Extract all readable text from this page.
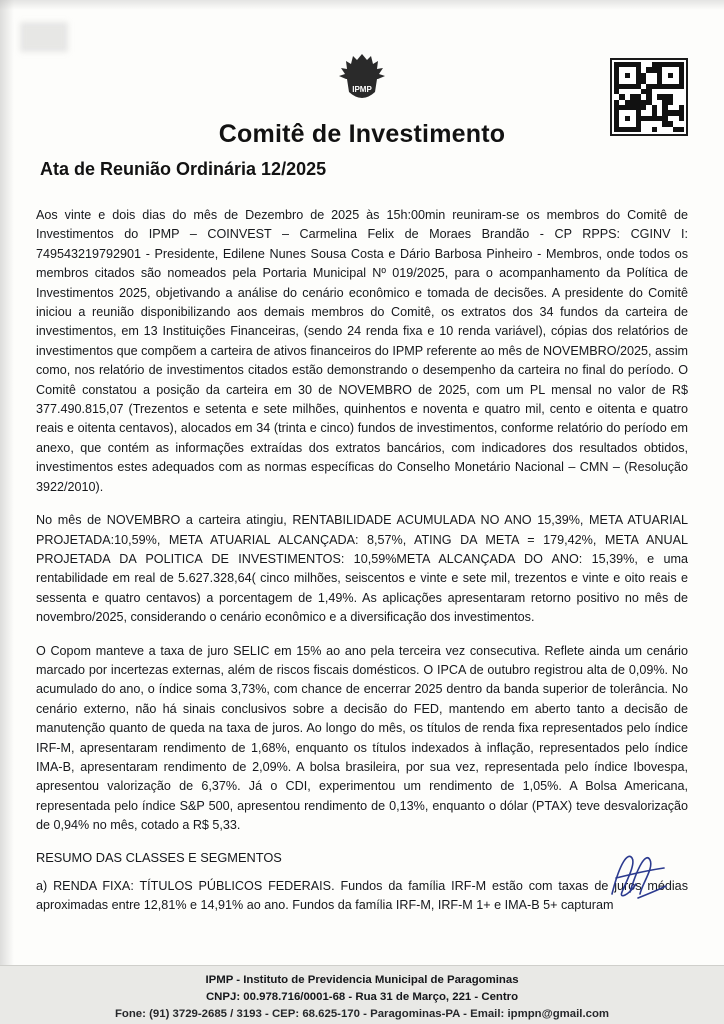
IPMP
Comitê de Investimento
Ata de Reunião Ordinária 12/2025

Aos vinte e dois dias do mês de Dezembro de 2025 às 15h:00min reuniram-se os membros do Comitê de Investimentos do IPMP – COINVEST – Carmelina Felix de Moraes Brandão - CP RPPS: CGINV I: 749543219792901 - Presidente, Edilene Nunes Sousa Costa e Dário Barbosa Pinheiro - Membros, onde todos os membros citados são nomeados pela Portaria Municipal Nº 019/2025, para o acompanhamento da Política de Investimentos 2025, objetivando a análise do cenário econômico e tomada de decisões. A presidente do Comitê iniciou a reunião disponibilizando aos demais membros do Comitê, os extratos dos 34 fundos da carteira de investimentos, em 13 Instituições Financeiras, (sendo 24 renda fixa e 10 renda variável), cópias dos relatórios de investimentos que compõem a carteira de ativos financeiros do IPMP referente ao mês de NOVEMBRO/2025, assim como, nos relatório de investimentos citados estão demonstrando o desempenho da carteira no final do período. O Comitê constatou a posição da carteira em 30 de NOVEMBRO de 2025, com um PL mensal no valor de R$ 377.490.815,07 (Trezentos e setenta e sete milhões, quinhentos e noventa e quatro mil, cento e oitenta e quatro reais e oitenta centavos), alocados em 34 (trinta e cinco) fundos de investimentos, conforme relatório do período em anexo, que contém as informações extraídas dos extratos bancários, com indicadores dos resultados obtidos, investimentos estes adequados com as normas específicas do Conselho Monetário Nacional – CMN – (Resolução 3922/2010).

No mês de NOVEMBRO a carteira atingiu, RENTABILIDADE ACUMULADA NO ANO 15,39%, META ATUARIAL PROJETADA:10,59%, META ATUARIAL ALCANÇADA: 8,57%, ATING DA META = 179,42%, META ANUAL PROJETADA DA POLITICA DE INVESTIMENTOS: 10,59%META ALCANÇADA DO ANO: 15,39%, e uma rentabilidade em real de 5.627.328,64( cinco milhões, seiscentos e vinte e sete mil, trezentos e vinte e oito reais e sessenta e quatro centavos) a porcentagem de 1,49%. As aplicações apresentaram retorno positivo no mês de novembro/2025, considerando o cenário econômico e a diversificação dos investimentos.

O Copom manteve a taxa de juro SELIC em 15% ao ano pela terceira vez consecutiva. Reflete ainda um cenário marcado por incertezas externas, além de riscos fiscais domésticos. O IPCA de outubro registrou alta de 0,09%. No acumulado do ano, o índice soma 3,73%, com chance de encerrar 2025 dentro da banda superior de tolerância. No cenário externo, não há sinais conclusivos sobre a decisão do FED, mantendo em aberto tanto a decisão de manutenção quanto de queda na taxa de juros. Ao longo do mês, os títulos de renda fixa representados pelo índice IRF-M, apresentaram rendimento de 1,68%, enquanto os títulos indexados à inflação, representados pelo índice IMA-B, apresentaram rendimento de 2,09%. A bolsa brasileira, por sua vez, representada pelo índice Ibovespa, apresentou valorização de 6,37%. Já o CDI, experimentou um rendimento de 1,05%. A Bolsa Americana, representada pelo índice S&P 500, apresentou rendimento de 0,13%, enquanto o dólar (PTAX) teve desvalorização de 0,94% no mês, cotado a R$ 5,33.

RESUMO DAS CLASSES E SEGMENTOS

a) RENDA FIXA: TÍTULOS PÚBLICOS FEDERAIS. Fundos da família IRF-M estão com taxas de juros médias aproximadas entre 12,81% e 14,91% ao ano. Fundos da família IRF-M, IRF-M 1+ e IMA-B 5+ capturam

IPMP - Instituto de Previdencia Municipal de Paragominas
CNPJ: 00.978.716/0001-68 - Rua 31 de Março, 221 - Centro
Fone: (91) 3729-2685 / 3193 - CEP: 68.625-170 - Paragominas-PA - Email: ipmpn@gmail.com
